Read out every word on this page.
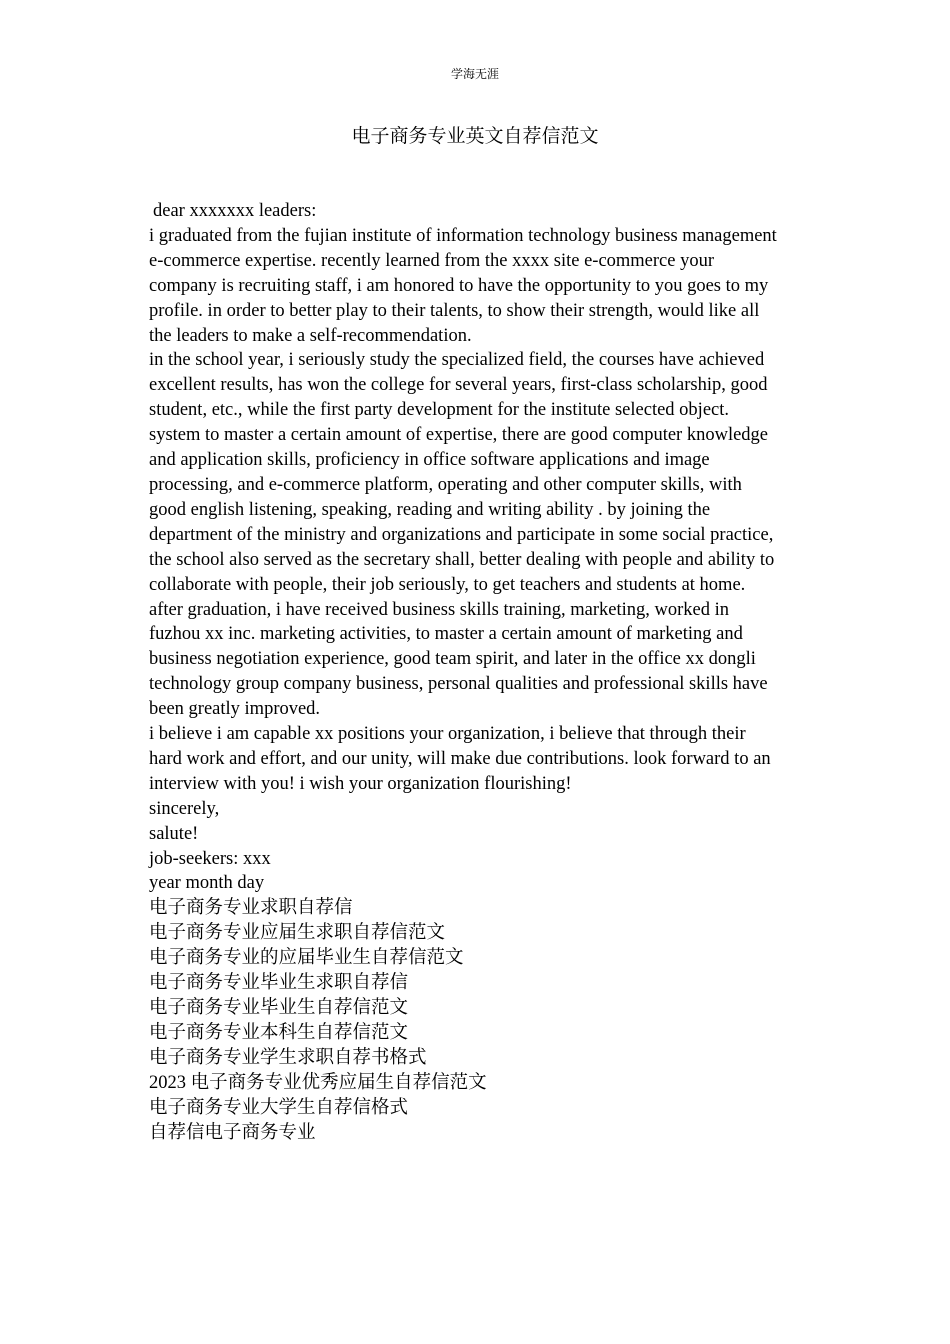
学海无涯
电子商务专业英文自荐信范文
dear xxxxxxx leaders:
i graduated from the fujian institute of information technology business management
e-commerce expertise. recently learned from the xxxx site e-commerce your
company is recruiting staff, i am honored to have the opportunity to you goes to my
profile. in order to better play to their talents, to show their strength, would like all
the leaders to make a self-recommendation.
in the school year, i seriously study the specialized field, the courses have achieved
excellent results, has won the college for several years, first-class scholarship, good
student, etc., while the first party development for the institute selected object.
system to master a certain amount of expertise, there are good computer knowledge
and application skills, proficiency in office software applications and image
processing, and e-commerce platform, operating and other computer skills, with
good english listening, speaking, reading and writing ability . by joining the
department of the ministry and organizations and participate in some social practice,
the school also served as the secretary shall, better dealing with people and ability to
collaborate with people, their job seriously, to get teachers and students at home.
after graduation, i have received business skills training, marketing, worked in
fuzhou xx inc. marketing activities, to master a certain amount of marketing and
business negotiation experience, good team spirit, and later in the office xx dongli
technology group company business, personal qualities and professional skills have
been greatly improved.
i believe i am capable xx positions your organization, i believe that through their
hard work and effort, and our unity, will make due contributions. look forward to an
interview with you! i wish your organization flourishing!
sincerely,
salute!
job-seekers: xxx
year month day
电子商务专业求职自荐信
电子商务专业应届生求职自荐信范文
电子商务专业的应届毕业生自荐信范文
电子商务专业毕业生求职自荐信
电子商务专业毕业生自荐信范文
电子商务专业本科生自荐信范文
电子商务专业学生求职自荐书格式
2023 电子商务专业优秀应届生自荐信范文
电子商务专业大学生自荐信格式
自荐信电子商务专业
